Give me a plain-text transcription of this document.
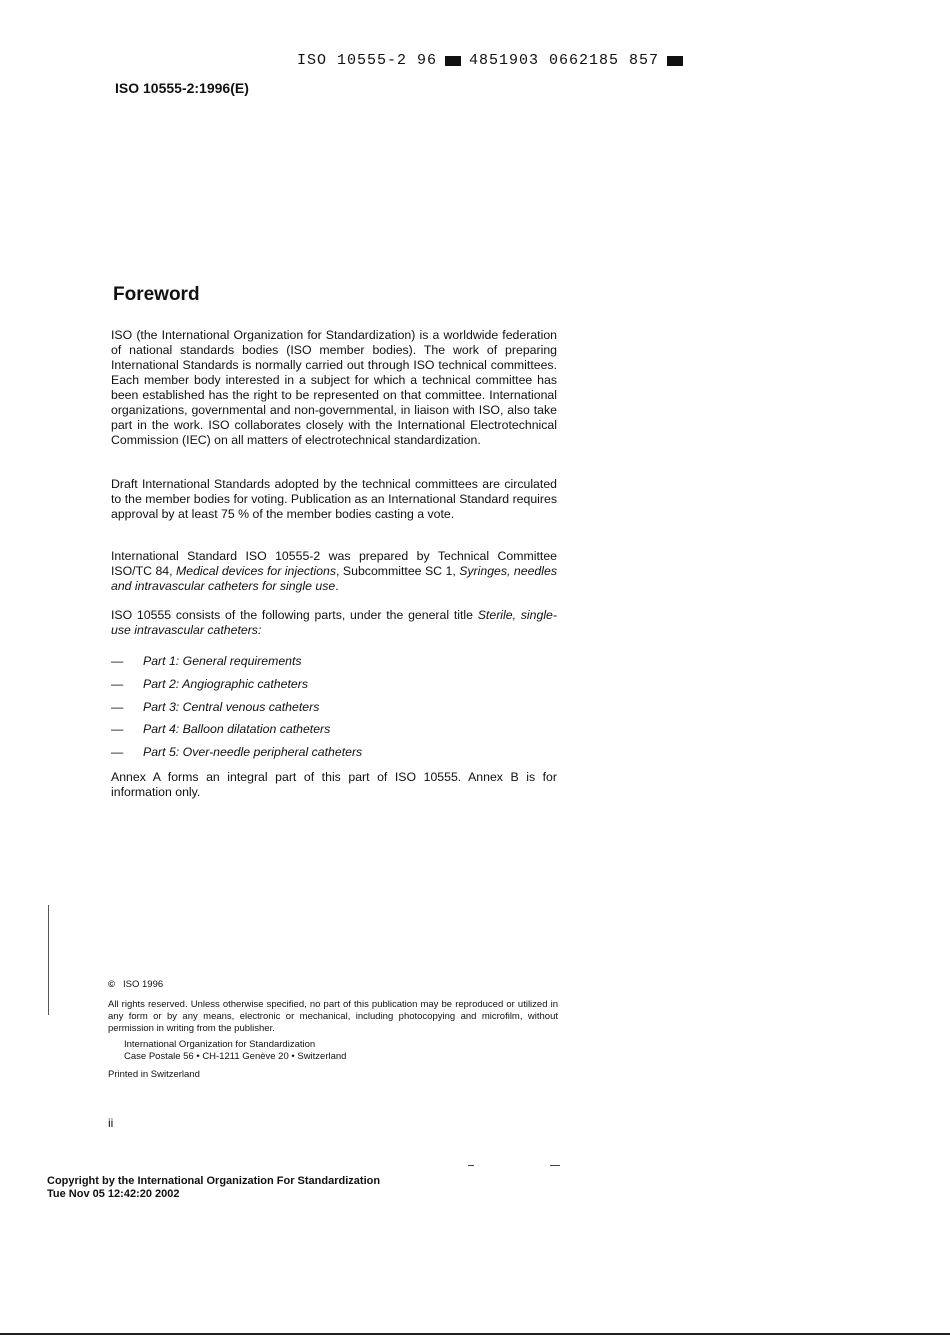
ISO 10555-2 96 4851903 0662185 857
ISO 10555-2:1996(E)
Foreword

ISO (the International Organization for Standardization) is a worldwide federation of national standards bodies (ISO member bodies). The work of preparing International Standards is normally carried out through ISO technical committees. Each member body interested in a subject for which a technical committee has been established has the right to be represented on that committee. International organizations, governmental and non-governmental, in liaison with ISO, also take part in the work. ISO collaborates closely with the International Electrotechnical Commission (IEC) on all matters of electrotechnical standardization.

Draft International Standards adopted by the technical committees are circulated to the member bodies for voting. Publication as an International Standard requires approval by at least 75 % of the member bodies casting a vote.

International Standard ISO 10555-2 was prepared by Technical Committee ISO/TC 84, Medical devices for injections, Subcommittee SC 1, Syringes, needles and intravascular catheters for single use.

ISO 10555 consists of the following parts, under the general title Sterile, single-use intravascular catheters:

—	Part 1: General requirements
—	Part 2: Angiographic catheters
—	Part 3: Central venous catheters
—	Part 4: Balloon dilatation catheters
—	Part 5: Over-needle peripheral catheters

Annex A forms an integral part of this part of ISO 10555. Annex B is for information only.

© ISO 1996
All rights reserved. Unless otherwise specified, no part of this publication may be reproduced or utilized in any form or by any means, electronic or mechanical, including photocopying and microfilm, without permission in writing from the publisher.
International Organization for Standardization
Case Postale 56 • CH-1211 Genève 20 • Switzerland
Printed in Switzerland
ii
Copyright by the International Organization For Standardization
Tue Nov 05 12:42:20 2002
